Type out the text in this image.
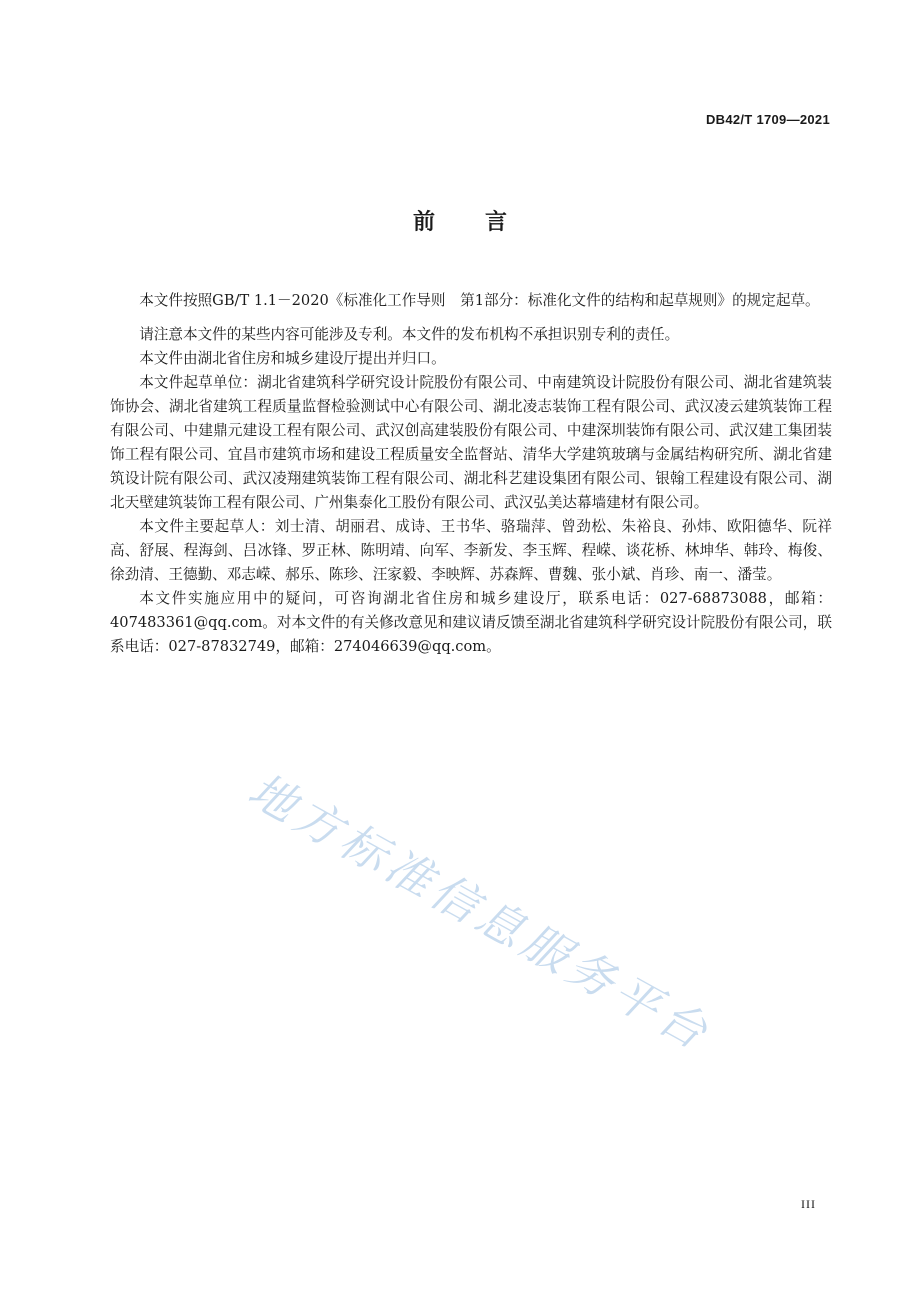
DB42/T 1709—2021
前言

本文件按照GB/T 1.1－2020《标准化工作导则　第1部分：标准化文件的结构和起草规则》的规定起草。

请注意本文件的某些内容可能涉及专利。本文件的发布机构不承担识别专利的责任。

本文件由湖北省住房和城乡建设厅提出并归口。

本文件起草单位：湖北省建筑科学研究设计院股份有限公司、中南建筑设计院股份有限公司、湖北省建筑装饰协会、湖北省建筑工程质量监督检验测试中心有限公司、湖北凌志装饰工程有限公司、武汉凌云建筑装饰工程有限公司、中建鼎元建设工程有限公司、武汉创高建装股份有限公司、中建深圳装饰有限公司、武汉建工集团装饰工程有限公司、宜昌市建筑市场和建设工程质量安全监督站、清华大学建筑玻璃与金属结构研究所、湖北省建筑设计院有限公司、武汉凌翔建筑装饰工程有限公司、湖北科艺建设集团有限公司、银翰工程建设有限公司、湖北天壁建筑装饰工程有限公司、广州集泰化工股份有限公司、武汉弘美达幕墙建材有限公司。

本文件主要起草人：刘士清、胡丽君、成诗、王书华、骆瑞萍、曾劲松、朱裕良、孙炜、欧阳德华、阮祥高、舒展、程海剑、吕冰锋、罗正林、陈明靖、向军、李新发、李玉辉、程嵘、谈花桥、林坤华、韩玲、梅俊、徐劲清、王德勤、邓志嵘、郝乐、陈珍、汪家毅、李映辉、苏森辉、曹魏、张小斌、肖珍、南一、潘莹。

本文件实施应用中的疑问，可咨询湖北省住房和城乡建设厅，联系电话：027-68873088，邮箱：407483361@qq.com。对本文件的有关修改意见和建议请反馈至湖北省建筑科学研究设计院股份有限公司，联系电话：027-87832749，邮箱：274046639@qq.com。

地方标准信息服务平台
III
